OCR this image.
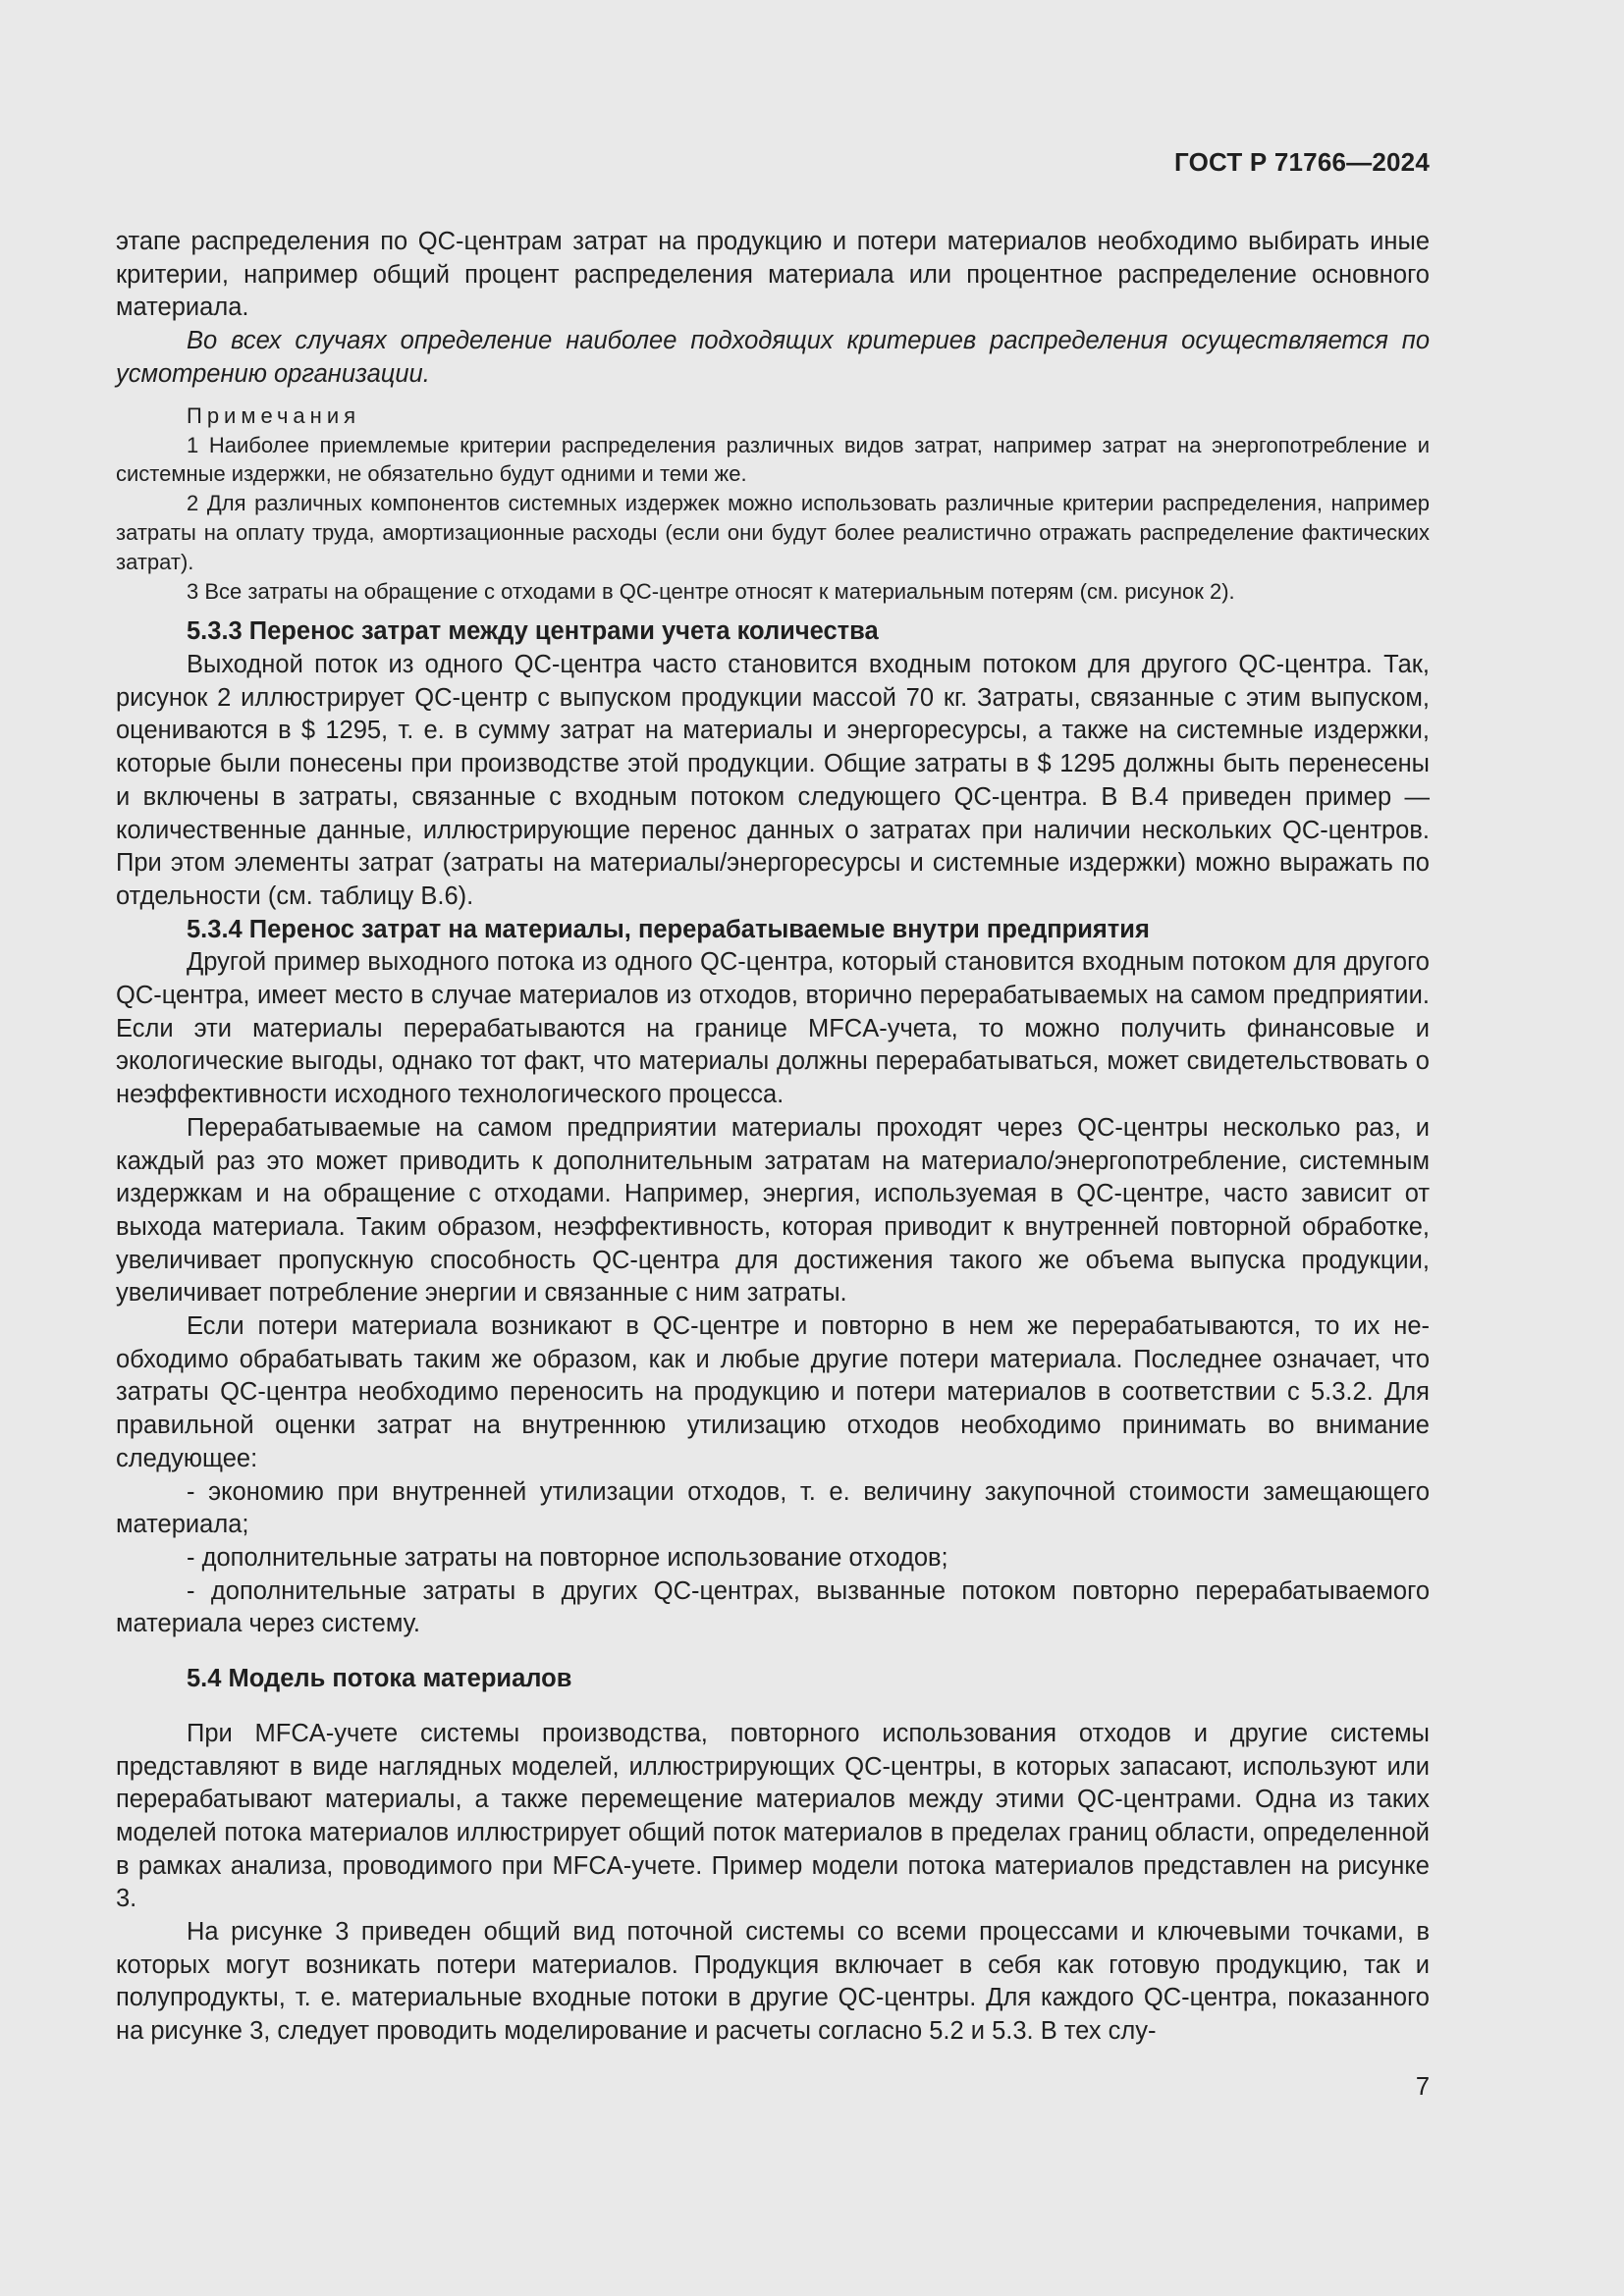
ГОСТ Р 71766—2024

этапе распределения по QC-центрам затрат на продукцию и потери материалов необходимо выбирать иные критерии, например общий процент распределения материала или процентное распределение основного материала.

Во всех случаях определение наиболее подходящих критериев распределения осуществляется по усмотрению организации.

Примечания

1 Наиболее приемлемые критерии распределения различных видов затрат, например затрат на энергопотребление и системные издержки, не обязательно будут одними и теми же.

2 Для различных компонентов системных издержек можно использовать различные критерии распределения, например затраты на оплату труда, амортизационные расходы (если они будут более реалистично отражать распределение фактических затрат).

3 Все затраты на обращение с отходами в QC-центре относят к материальным потерям (см. рисунок 2).

5.3.3 Перенос затрат между центрами учета количества

Выходной поток из одного QC-центра часто становится входным потоком для другого QC-центра. Так, рисунок 2 иллюстрирует QC-центр с выпуском продукции массой 70 кг. Затраты, связанные с этим выпуском, оцениваются в $ 1295, т. е. в сумму затрат на материалы и энергоресурсы, а также на системные издержки, которые были понесены при производстве этой продукции. Общие затраты в $ 1295 должны быть перенесены и включены в затраты, связанные с входным потоком следующего QC-центра. В В.4 приведен пример — количественные данные, иллюстрирующие перенос данных о затратах при наличии нескольких QC-центров. При этом элементы затрат (затраты на материалы/энергоресурсы и системные издержки) можно выражать по отдельности (см. таблицу В.6).

5.3.4 Перенос затрат на материалы, перерабатываемые внутри предприятия

Другой пример выходного потока из одного QC-центра, который становится входным потоком для другого QC-центра, имеет место в случае материалов из отходов, вторично перерабатываемых на самом предприятии. Если эти материалы перерабатываются на границе MFCA-учета, то можно получить финансовые и экологические выгоды, однако тот факт, что материалы должны перерабатываться, может свидетельствовать о неэффективности исходного технологического процесса.

Перерабатываемые на самом предприятии материалы проходят через QC-центры несколько раз, и каждый раз это может приводить к дополнительным затратам на материало/энергопотребление, системным издержкам и на обращение с отходами. Например, энергия, используемая в QC-центре, часто зависит от выхода материала. Таким образом, неэффективность, которая приводит к внутренней повторной обработке, увеличивает пропускную способность QC-центра для достижения такого же объема выпуска продукции, увеличивает потребление энергии и связанные с ним затраты.

Если потери материала возникают в QC-центре и повторно в нем же перерабатываются, то их необходимо обрабатывать таким же образом, как и любые другие потери материала. Последнее означает, что затраты QC-центра необходимо переносить на продукцию и потери материалов в соответствии с 5.3.2. Для правильной оценки затрат на внутреннюю утилизацию отходов необходимо принимать во внимание следующее:

- экономию при внутренней утилизации отходов, т. е. величину закупочной стоимости замещающего материала;

- дополнительные затраты на повторное использование отходов;

- дополнительные затраты в других QC-центрах, вызванные потоком повторно перерабатываемого материала через систему.

5.4 Модель потока материалов

При MFCA-учете системы производства, повторного использования отходов и другие системы представляют в виде наглядных моделей, иллюстрирующих QC-центры, в которых запасают, используют или перерабатывают материалы, а также перемещение материалов между этими QC-центрами. Одна из таких моделей потока материалов иллюстрирует общий поток материалов в пределах границ области, определенной в рамках анализа, проводимого при MFCA-учете. Пример модели потока материалов представлен на рисунке 3.

На рисунке 3 приведен общий вид поточной системы со всеми процессами и ключевыми точками, в которых могут возникать потери материалов. Продукция включает в себя как готовую продукцию, так и полупродукты, т. е. материальные входные потоки в другие QC-центры. Для каждого QC-центра, показанного на рисунке 3, следует проводить моделирование и расчеты согласно 5.2 и 5.3. В тех слу-

7
